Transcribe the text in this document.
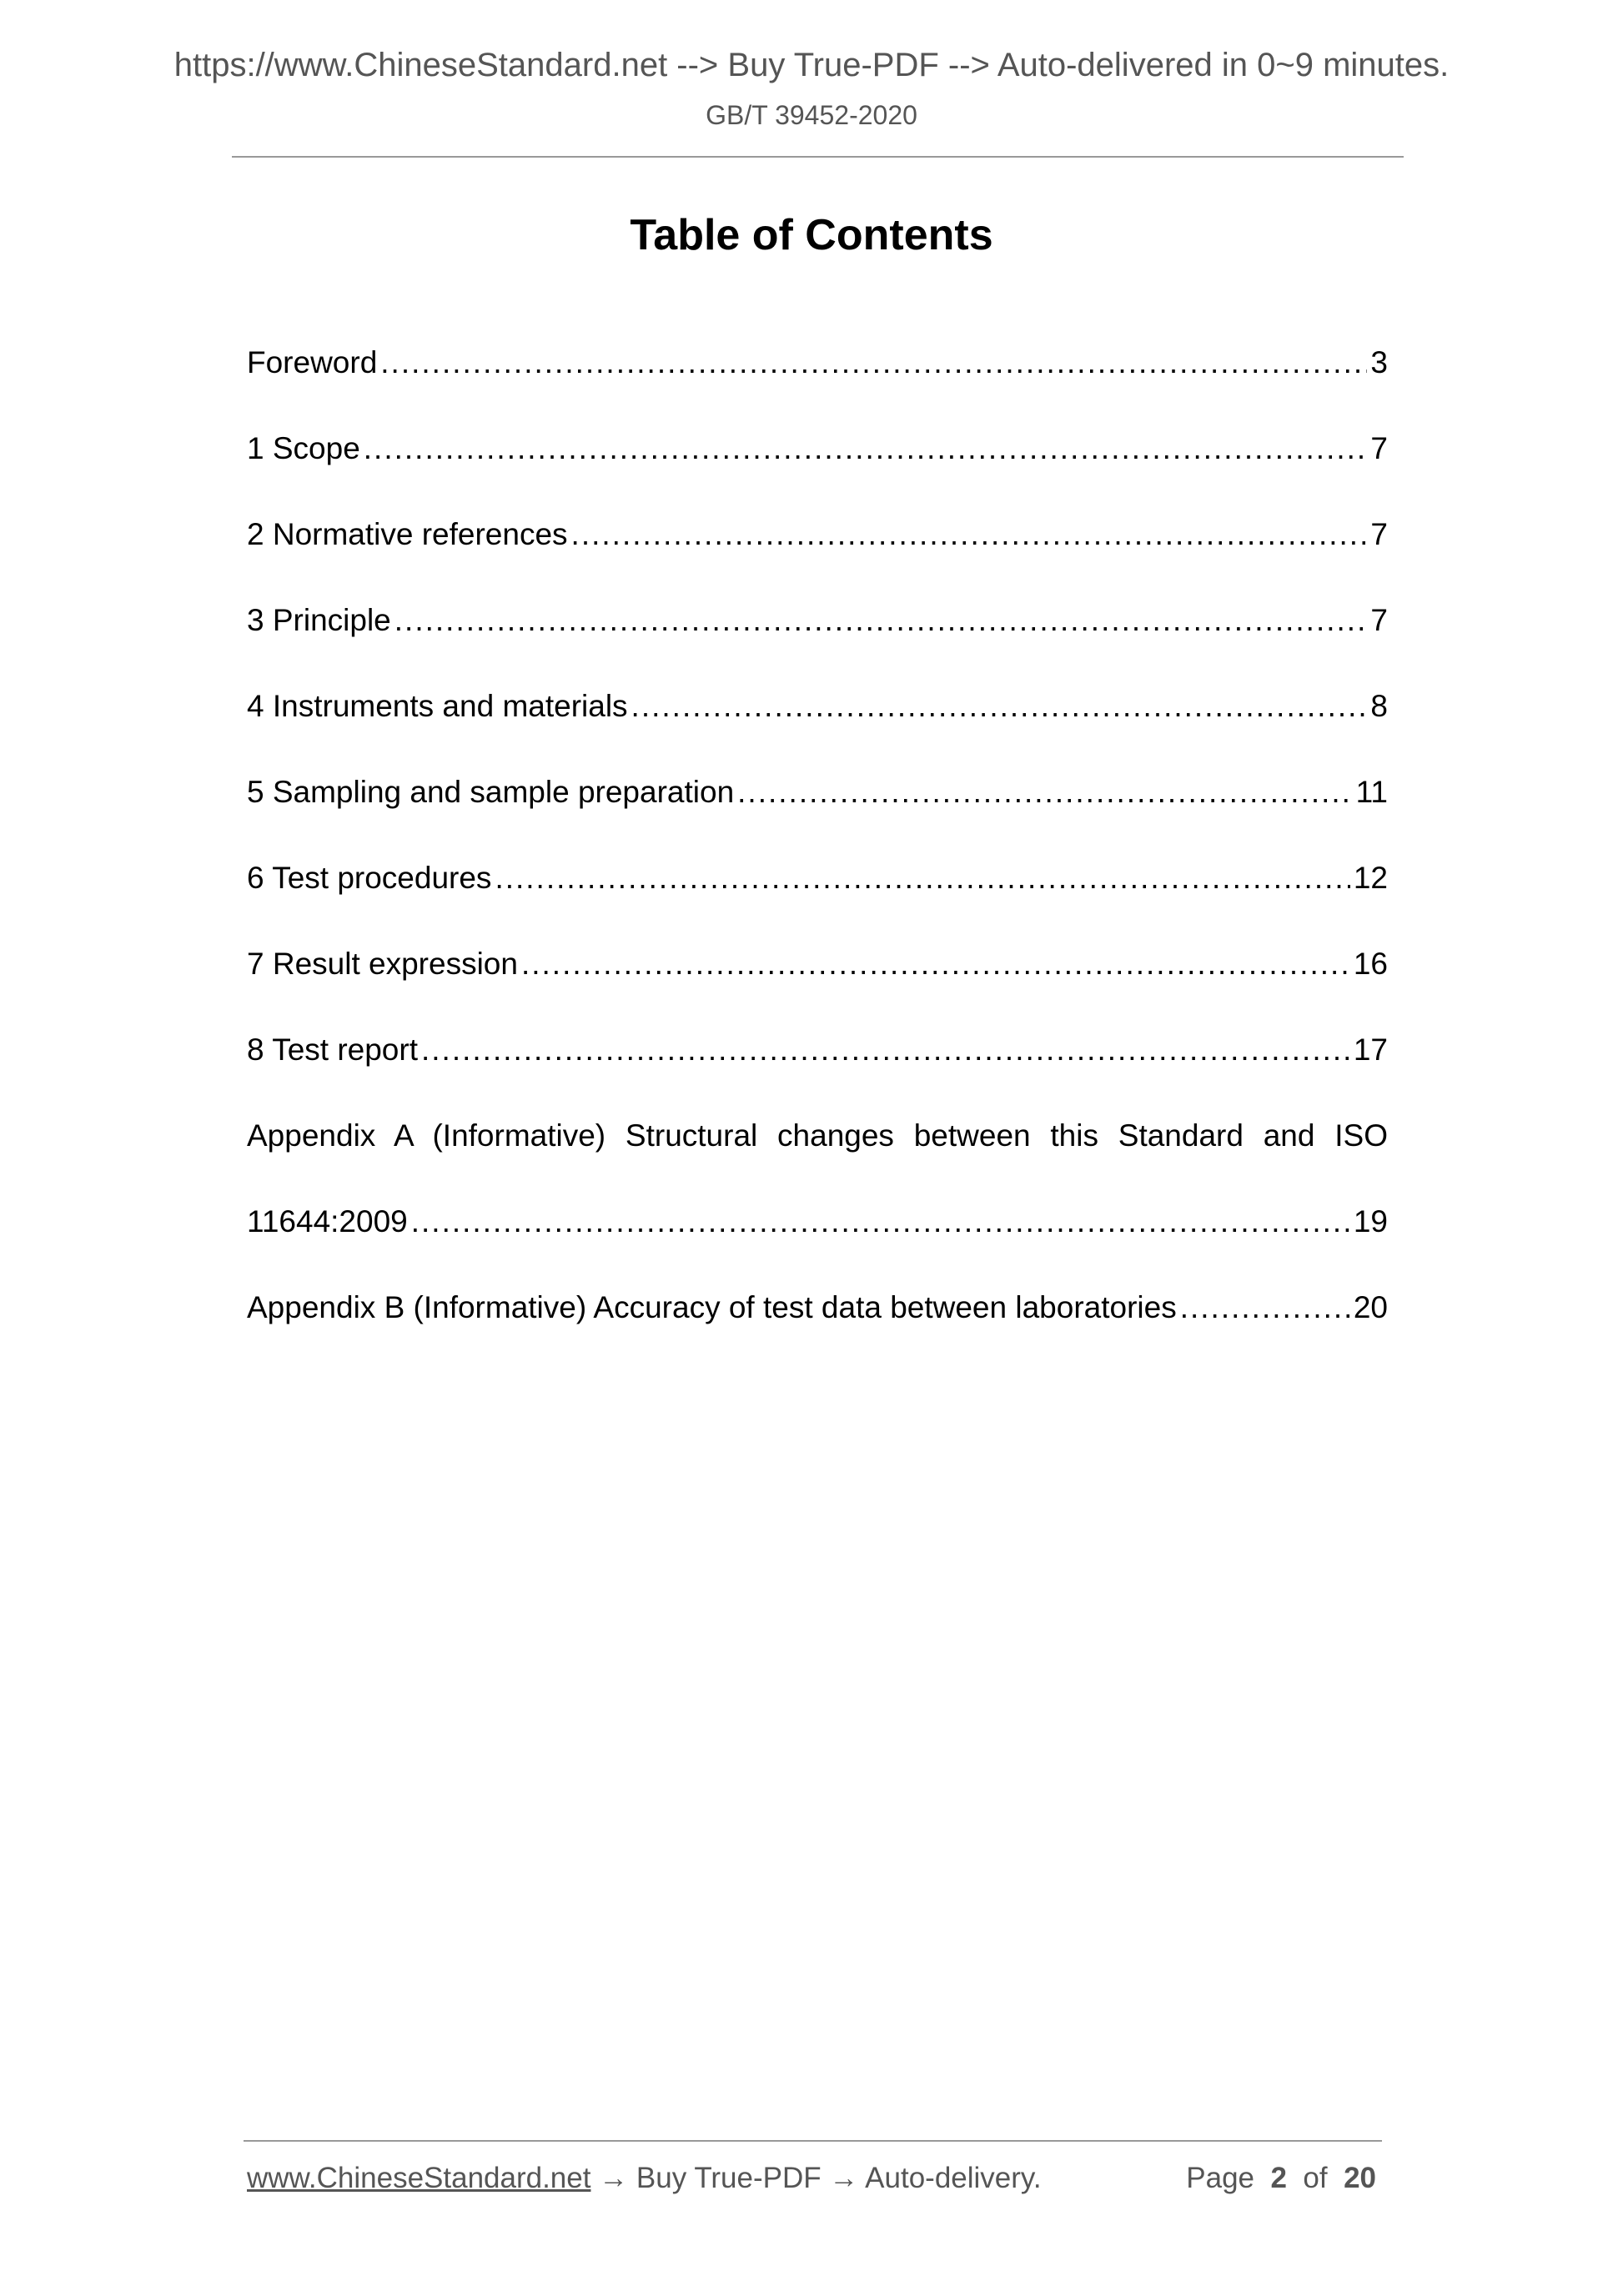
https://www.ChineseStandard.net --> Buy True-PDF --> Auto-delivered in 0~9 minutes.
GB/T 39452-2020
Table of Contents
Foreword .....	3
1 Scope .....	7
2 Normative references .....	7
3 Principle .....	7
4 Instruments and materials .....	8
5 Sampling and sample preparation .....	11
6 Test procedures .....	12
7 Result expression .....	16
8 Test report .....	17
Appendix A (Informative) Structural changes between this Standard and ISO
11644:2009 .....	19
Appendix B (Informative) Accuracy of test data between laboratories .....	20
www.ChineseStandard.net → Buy True-PDF → Auto-delivery.	Page 2 of 20
